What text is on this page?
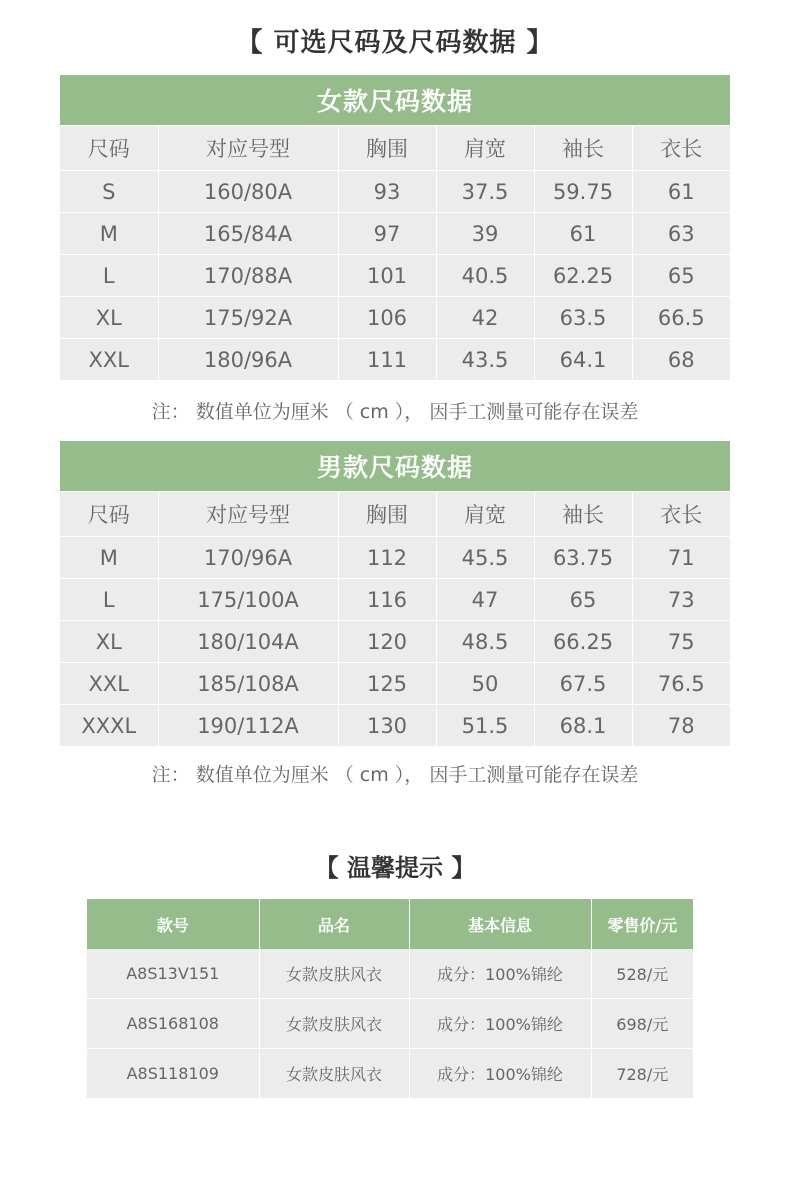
【 可选尺码及尺码数据 】
女款尺码数据					
尺码	对应号型	胸围	肩宽	袖长	衣长
S	160/80A	93	37.5	59.75	61
M	165/84A	97	39	61	63
L	170/88A	101	40.5	62.25	65
XL	175/92A	106	42	63.5	66.5
XXL	180/96A	111	43.5	64.1	68
注： 数值单位为厘米 （ cm ）， 因手工测量可能存在误差
男款尺码数据					
尺码	对应号型	胸围	肩宽	袖长	衣长
M	170/96A	112	45.5	63.75	71
L	175/100A	116	47	65	73
XL	180/104A	120	48.5	66.25	75
XXL	185/108A	125	50	67.5	76.5
XXXL	190/112A	130	51.5	68.1	78
注： 数值单位为厘米 （ cm ）， 因手工测量可能存在误差
【 温馨提示 】
款号	品名	基本信息	零售价/元
A8S13V151	女款皮肤风衣	成分：100%锦纶	528/元
A8S168108	女款皮肤风衣	成分：100%锦纶	698/元
A8S118109	女款皮肤风衣	成分：100%锦纶	728/元
